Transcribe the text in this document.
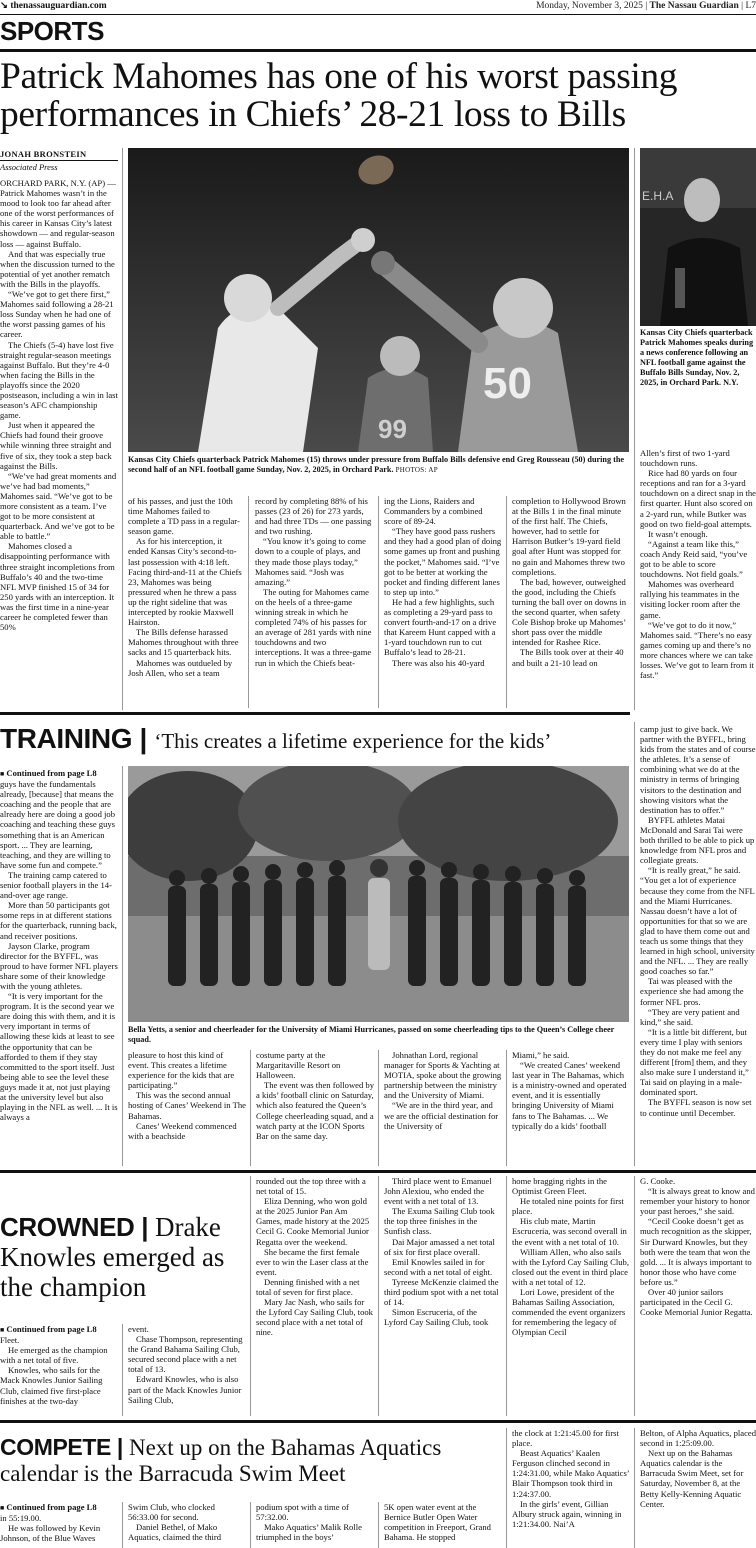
↘ thenassauguardian.com	Monday, November 3, 2025 | The Nassau Guardian | L7
SPORTS
Patrick Mahomes has one of his worst passing performances in Chiefs’ 28-21 loss to Bills
JONAH BRONSTEIN
Associated Press

ORCHARD PARK, N.Y. (AP) — Patrick Mahomes wasn’t in the mood to look too far ahead after one of the worst performances of his career in Kansas City’s latest showdown — and regular-season loss — against Buffalo.

And that was especially true when the discussion turned to the potential of yet another rematch with the Bills in the playoffs.

“We’ve got to get there first,” Mahomes said following a 28-21 loss Sunday when he had one of the worst passing games of his career.

The Chiefs (5-4) have lost five straight regular-season meetings against Buffalo. But they’re 4-0 when facing the Bills in the playoffs since the 2020 postseason, including a win in last season’s AFC championship game.

Just when it appeared the Chiefs had found their groove while winning three straight and five of six, they took a step back against the Bills.

“We’ve had great moments and we’ve had bad moments,” Mahomes said. “We’ve got to be more consistent as a team. I’ve got to be more consistent at quarterback. And we’ve got to be able to battle.”

Mahomes closed a disappointing performance with three straight incompletions from Buffalo’s 40 and the two-time NFL MVP finished 15 of 34 for 250 yards with an interception. It was the first time in a nine-year career he completed fewer than 50%

50
99
Kansas City Chiefs quarterback Patrick Mahomes (15) throws under pressure from Buffalo Bills defensive end Greg Rousseau (50) during the second half of an NFL football game Sunday, Nov. 2, 2025, in Orchard Park. PHOTOS: AP
E.H.A
Kansas City Chiefs quarterback Patrick Mahomes speaks during a news conference following an NFL football game against the Buffalo Bills Sunday, Nov. 2, 2025, in Orchard Park. N.Y.

of his passes, and just the 10th time Mahomes failed to complete a TD pass in a regular-season game.

As for his interception, it ended Kansas City’s second-to-last possession with 4:18 left. Facing third-and-11 at the Chiefs 23, Mahomes was being pressured when he threw a pass up the right sideline that was intercepted by rookie Maxwell Hairston.

The Bills defense harassed Mahomes throughout with three sacks and 15 quarterback hits.

Mahomes was outdueled by Josh Allen, who set a team

record by completing 88% of his passes (23 of 26) for 273 yards, and had three TDs — one passing and two rushing.

“You know it’s going to come down to a couple of plays, and they made those plays today,” Mahomes said. “Josh was amazing.”

The outing for Mahomes came on the heels of a three-game winning streak in which he completed 74% of his passes for an average of 281 yards with nine touchdowns and two interceptions. It was a three-game run in which the Chiefs beat-

ing the Lions, Raiders and Commanders by a combined score of 89-24.

“They have good pass rushers and they had a good plan of doing some games up front and pushing the pocket,” Mahomes said. “I’ve got to be better at working the pocket and finding different lanes to step up into.”

He had a few highlights, such as completing a 29-yard pass to convert fourth-and-17 on a drive that Kareem Hunt capped with a 1-yard touchdown run to cut Buffalo’s lead to 28-21.

There was also his 40-yard

completion to Hollywood Brown at the Bills 1 in the final minute of the first half. The Chiefs, however, had to settle for Harrison Butker’s 19-yard field goal after Hunt was stopped for no gain and Mahomes threw two completions.

The bad, however, outweighed the good, including the Chiefs turning the ball over on downs in the second quarter, when safety Cole Bishop broke up Mahomes’ short pass over the middle intended for Rashee Rice.

The Bills took over at their 40 and built a 21-10 lead on

Allen’s first of two 1-yard touchdown runs.

Rice had 80 yards on four receptions and ran for a 3-yard touchdown on a direct snap in the first quarter. Hunt also scored on a 2-yard run, while Butker was good on two field-goal attempts.

It wasn’t enough.

“Against a team like this,” coach Andy Reid said, “you’ve got to be able to score touchdowns. Not field goals.”

Mahomes was overheard rallying his teammates in the visiting locker room after the game.

“We’ve got to do it now,” Mahomes said. “There’s no easy games coming up and there’s no more chances where we can take losses. We’ve got to learn from it fast.”

TRAINING | ‘This creates a lifetime experience for the kids’

■ Continued from page L8

guys have the fundamentals already, [because] that means the coaching and the people that are already here are doing a good job coaching and teaching these guys something that is an American sport. ... They are learning, teaching, and they are willing to have some fun and compete.”

The training camp catered to senior football players in the 14-and-over age range.

More than 50 participants got some reps in at different stations for the quarterback, running back, and receiver positions.

Jayson Clarke, program director for the BYFFL, was proud to have former NFL players share some of their knowledge with the young athletes.

“It is very important for the program. It is the second year we are doing this with them, and it is very important in terms of allowing these kids at least to see the opportunity that can be afforded to them if they stay committed to the sport itself. Just being able to see the level these guys made it at, not just playing at the university level but also playing in the NFL as well. ... It is always a

Bella Yetts, a senior and cheerleader for the University of Miami Hurricanes, passed on some cheerleading tips to the Queen’s College cheer squad.

pleasure to host this kind of event. This creates a lifetime experience for the kids that are participating.”

This was the second annual hosting of Canes’ Weekend in The Bahamas.

Canes’ Weekend commenced with a beachside

costume party at the Margaritaville Resort on Halloween.

The event was then followed by a kids’ football clinic on Saturday, which also featured the Queen’s College cheerleading squad, and a watch party at the ICON Sports Bar on the same day.

Johnathan Lord, regional manager for Sports & Yachting at MOTIA, spoke about the growing partnership between the ministry and the University of Miami.

“We are in the third year, and we are the official destination for the University of

Miami,” he said.

“We created Canes’ weekend last year in The Bahamas, which is a ministry-owned and operated event, and it is essentially bringing University of Miami fans to The Bahamas. ... We typically do a kids’ football

camp just to give back. We partner with the BYFFL, bring kids from the states and of course the athletes. It’s a sense of combining what we do at the ministry in terms of bringing visitors to the destination and showing visitors what the destination has to offer.”

BYFFL athletes Matai McDonald and Sarai Tai were both thrilled to be able to pick up knowledge from NFL pros and collegiate greats.

“It is really great,” he said. “You get a lot of experience because they come from the NFL and the Miami Hurricanes. Nassau doesn’t have a lot of opportunities for that so we are glad to have them come out and teach us some things that they learned in high school, university and the NFL. ... They are really good coaches so far.”

Tai was pleased with the experience she had among the former NFL pros.

“They are very patient and kind,” she said.

“It is a little bit different, but every time I play with seniors they do not make me feel any different [from] them, and they also make sure I understand it,” Tai said on playing in a male-dominated sport.

The BYFFL season is now set to continue until December.

CROWNED | Drake Knowles emerged as the champion

■ Continued from page L8

Fleet.

He emerged as the champion with a net total of five.

Knowles, who sails for the Mack Knowles Junior Sailing Club, claimed five first-place finishes at the two-day

event.

Chase Thompson, representing the Grand Bahama Sailing Club, secured second place with a net total of 13.

Edward Knowles, who is also part of the Mack Knowles Junior Sailing Club,

rounded out the top three with a net total of 15.

Eliza Denning, who won gold at the 2025 Junior Pan Am Games, made history at the 2025 Cecil G. Cooke Memorial Junior Regatta over the weekend.

She became the first female ever to win the Laser class at the event.

Denning finished with a net total of seven for first place.

Mary Jac Nash, who sails for the Lyford Cay Sailing Club, took second place with a net total of nine.

Third place went to Emanuel John Alexiou, who ended the event with a net total of 13.

The Exuma Sailing Club took the top three finishes in the Sunfish class.

Dai Major amassed a net total of six for first place overall.

Emil Knowles sailed in for second with a net total of eight.

Tyreese McKenzie claimed the third podium spot with a net total of 14.

Simon Escruceria, of the Lyford Cay Sailing Club, took

home bragging rights in the Optimist Green Fleet.

He totaled nine points for first place.

His club mate, Martin Escruceria, was second overall in the event with a net total of 10.

William Allen, who also sails with the Lyford Cay Sailing Club, closed out the event in third place with a net total of 12.

Lori Lowe, president of the Bahamas Sailing Association, commended the event organizers for remembering the legacy of Olympian Cecil

G. Cooke.

“It is always great to know and remember your history to honor your past heroes,” she said.

“Cecil Cooke doesn’t get as much recognition as the skipper, Sir Durward Knowles, but they both were the team that won the gold. ... It is always important to honor those who have come before us.”

Over 40 junior sailors participated in the Cecil G. Cooke Memorial Junior Regatta.

COMPETE | Next up on the Bahamas Aquatics calendar is the Barracuda Swim Meet

■ Continued from page L8

in 55:19.00.

He was followed by Kevin Johnson, of the Blue Waves

Swim Club, who clocked 56:33.00 for second.

Daniel Bethel, of Mako Aquatics, claimed the third

podium spot with a time of 57:32.00.

Mako Aquatics’ Malik Rolle triumphed in the boys’

5K open water event at the Bernice Butler Open Water competition in Freeport, Grand Bahama. He stopped

the clock at 1:21:45.00 for first place.

Beast Aquatics’ Kaalen Ferguson clinched second in 1:24:31.00, while Mako Aquatics’ Blair Thompson took third in 1:24:37.00.

In the girls’ event, Gillian Albury struck again, winning in 1:21:34.00. Nai’A

Belton, of Alpha Aquatics, placed second in 1:25:09.00.

Next up on the Bahamas Aquatics calendar is the Barracuda Swim Meet, set for Saturday, November 8, at the Betty Kelly-Kenning Aquatic Center.
